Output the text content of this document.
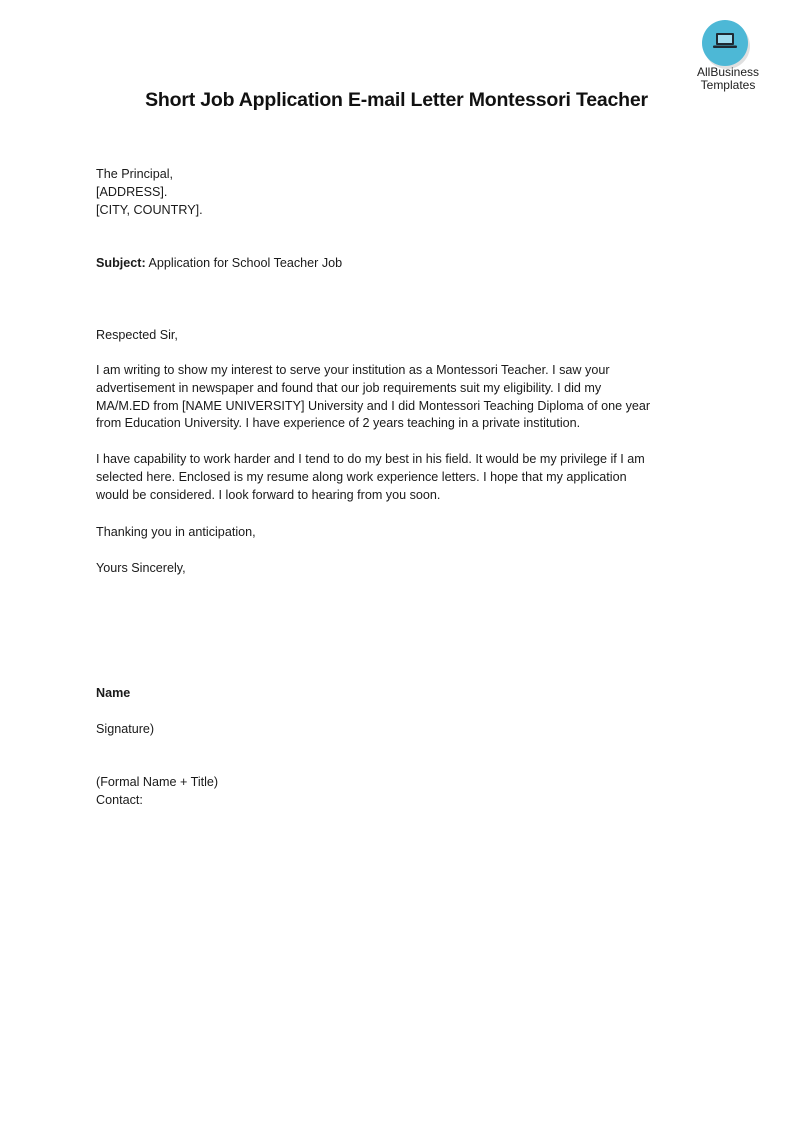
AllBusiness
Templates
Short Job Application E-mail Letter Montessori Teacher
The Principal,
[ADDRESS].
[CITY, COUNTRY].
Subject: Application for School Teacher Job
Respected Sir,
I am writing to show my interest to serve your institution as a Montessori Teacher. I saw your
advertisement in newspaper and found that our job requirements suit my eligibility. I did my
MA/M.ED from [NAME UNIVERSITY] University and I did Montessori Teaching Diploma of one year
from Education University. I have experience of 2 years teaching in a private institution.
I have capability to work harder and I tend to do my best in his field. It would be my privilege if I am
selected here. Enclosed is my resume along work experience letters. I hope that my application
would be considered. I look forward to hearing from you soon.
Thanking you in anticipation,
Yours Sincerely,
Name
Signature)
(Formal Name + Title)
Contact:
